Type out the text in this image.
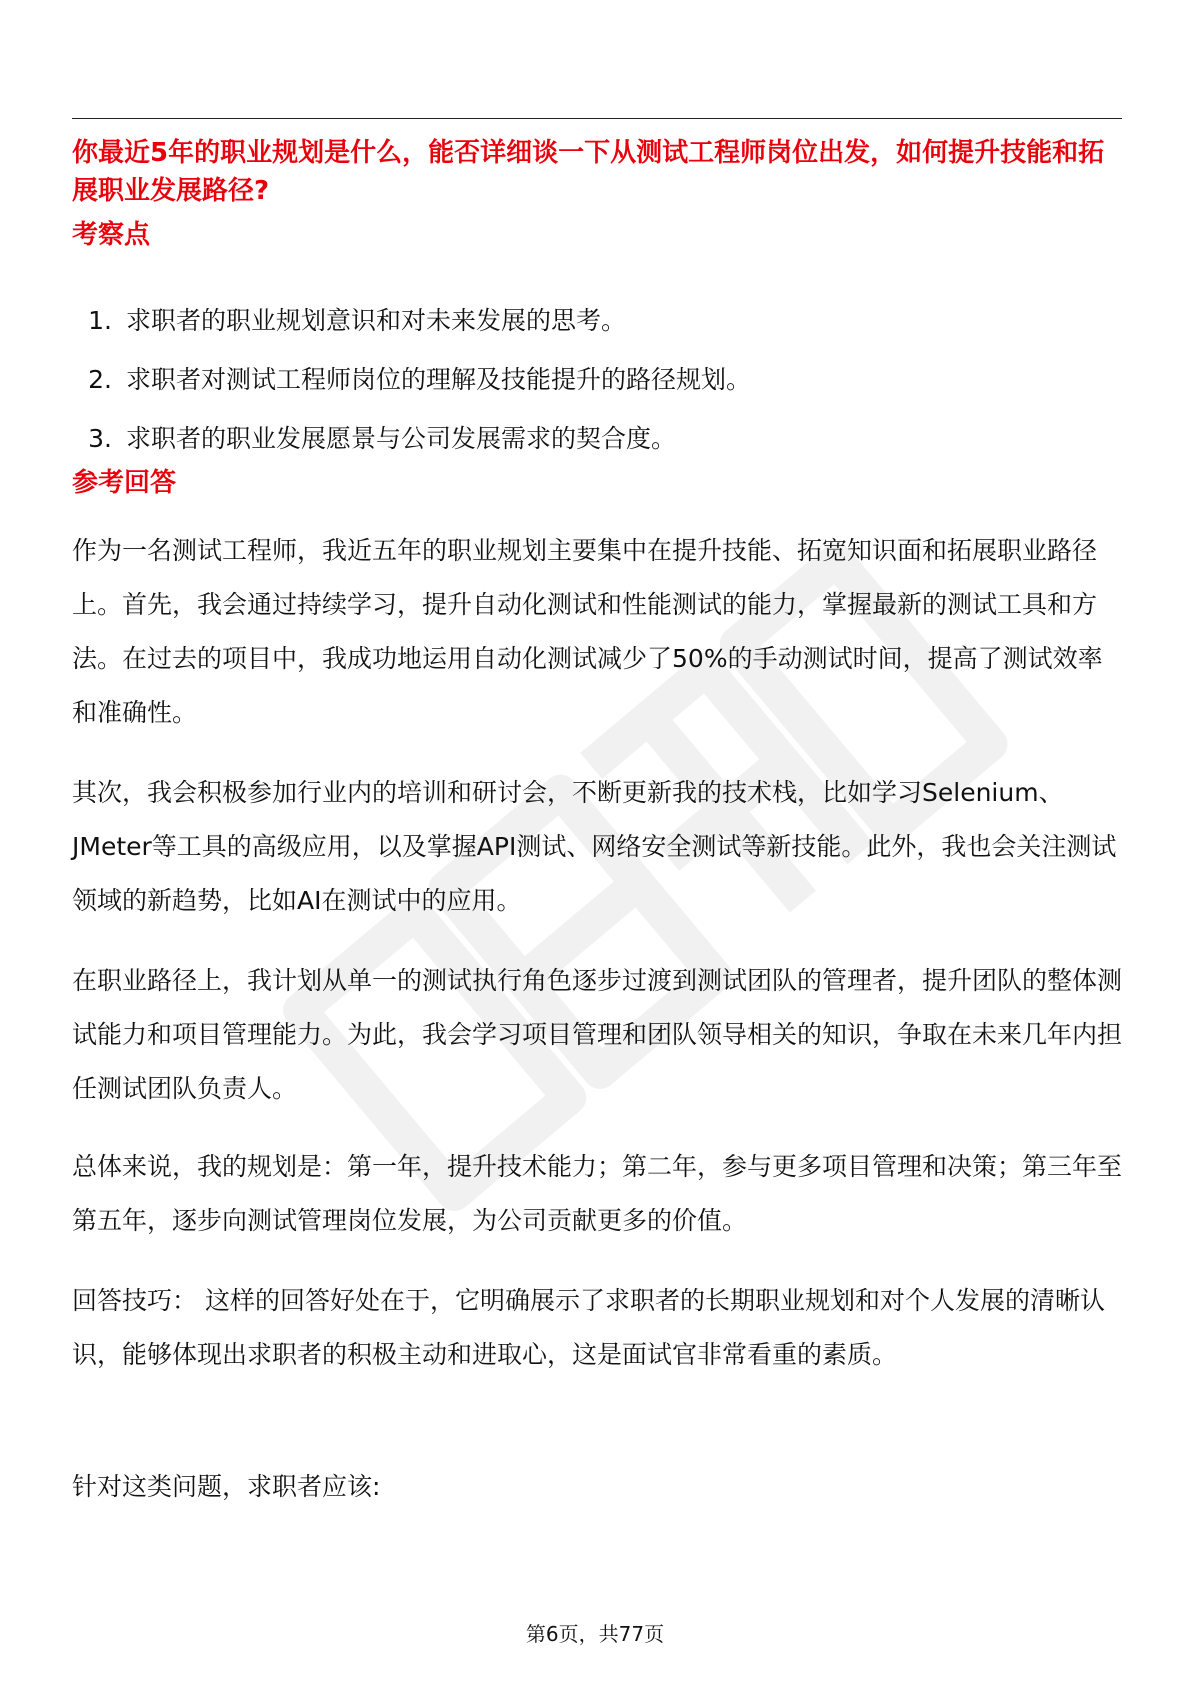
你最近5年的职业规划是什么，能否详细谈一下从测试工程师岗位出发，如何提升技能和拓展职业发展路径?
考察点
1. 求职者的职业规划意识和对未来发展的思考。
2. 求职者对测试工程师岗位的理解及技能提升的路径规划。
3. 求职者的职业发展愿景与公司发展需求的契合度。
参考回答

作为一名测试工程师，我近五年的职业规划主要集中在提升技能、拓宽知识面和拓展职业路径上。首先，我会通过持续学习，提升自动化测试和性能测试的能力，掌握最新的测试工具和方法。在过去的项目中，我成功地运用自动化测试减少了50%的手动测试时间，提高了测试效率和准确性。

其次，我会积极参加行业内的培训和研讨会，不断更新我的技术栈，比如学习Selenium、JMeter等工具的高级应用，以及掌握API测试、网络安全测试等新技能。此外，我也会关注测试领域的新趋势，比如AI在测试中的应用。

在职业路径上，我计划从单一的测试执行角色逐步过渡到测试团队的管理者，提升团队的整体测试能力和项目管理能力。为此，我会学习项目管理和团队领导相关的知识，争取在未来几年内担任测试团队负责人。

总体来说，我的规划是：第一年，提升技术能力；第二年，参与更多项目管理和决策；第三年至第五年，逐步向测试管理岗位发展，为公司贡献更多的价值。

回答技巧： 这样的回答好处在于，它明确展示了求职者的长期职业规划和对个人发展的清晰认识，能够体现出求职者的积极主动和进取心，这是面试官非常看重的素质。

针对这类问题，求职者应该:

第6页，共77页
